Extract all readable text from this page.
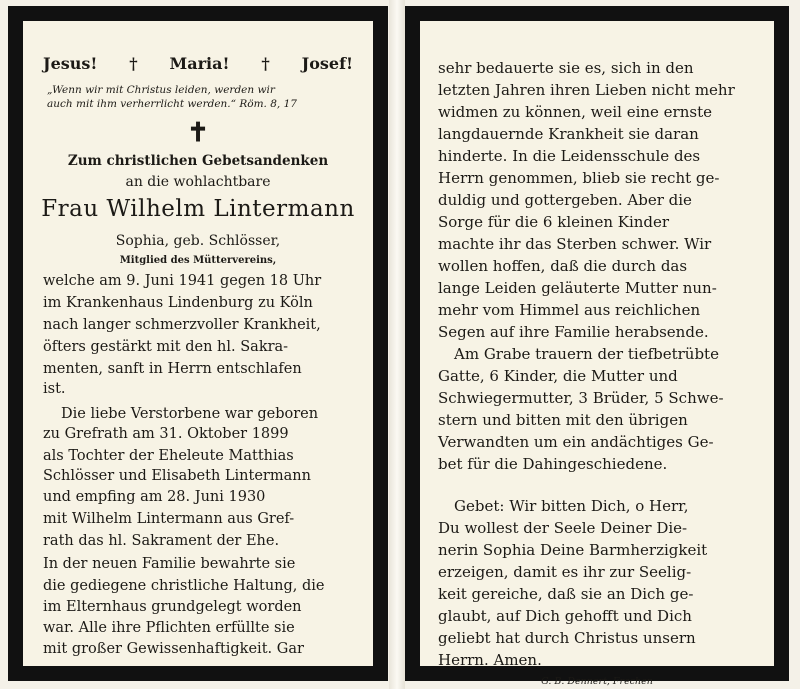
Jesus! † Maria! † Josef!
„Wenn wir mit Christus leiden, werden wir
auch mit ihm verherrlicht werden.“ Röm. 8, 17
✝
Zum christlichen Gebetsandenken
an die wohlachtbare
Frau Wilhelm Lintermann
Sophia, geb. Schlösser,
Mitglied des Müttervereins,
welche am 9. Juni 1941 gegen 18 Uhr
im Krankenhaus Lindenburg zu Köln
nach langer schmerzvoller Krankheit,
öfters gestärkt mit den hl. Sakra-
menten, sanft in Herrn entschlafen
ist.
Die liebe Verstorbene war geboren
zu Grefrath am 31. Oktober 1899
als Tochter der Eheleute Matthias
Schlösser und Elisabeth Lintermann
und empfing am 28. Juni 1930
mit Wilhelm Lintermann aus Gref-
rath das hl. Sakrament der Ehe.
In der neuen Familie bewahrte sie
die gediegene christliche Haltung, die
im Elternhaus grundgelegt worden
war. Alle ihre Pflichten erfüllte sie
mit großer Gewissenhaftigkeit. Gar
sehr bedauerte sie es, sich in den
letzten Jahren ihren Lieben nicht mehr
widmen zu können, weil eine ernste
langdauernde Krankheit sie daran
hinderte. In die Leidensschule des
Herrn genommen, blieb sie recht ge-
duldig und gottergeben. Aber die
Sorge für die 6 kleinen Kinder
machte ihr das Sterben schwer. Wir
wollen hoffen, daß die durch das
lange Leiden geläuterte Mutter nun-
mehr vom Himmel aus reichlichen
Segen auf ihre Familie herabsende.
Am Grabe trauern der tiefbetrübte
Gatte, 6 Kinder, die Mutter und
Schwiegermutter, 3 Brüder, 5 Schwe-
stern und bitten mit den übrigen
Verwandten um ein andächtiges Ge-
bet für die Dahingeschiedene.
Gebet: Wir bitten Dich, o Herr,
Du wollest der Seele Deiner Die-
nerin Sophia Deine Barmherzigkeit
erzeigen, damit es ihr zur Seelig-
keit gereiche, daß sie an Dich ge-
glaubt, auf Dich gehofft und Dich
geliebt hat durch Christus unsern
Herrn. Amen.
G. B. Dennert, Frechen
